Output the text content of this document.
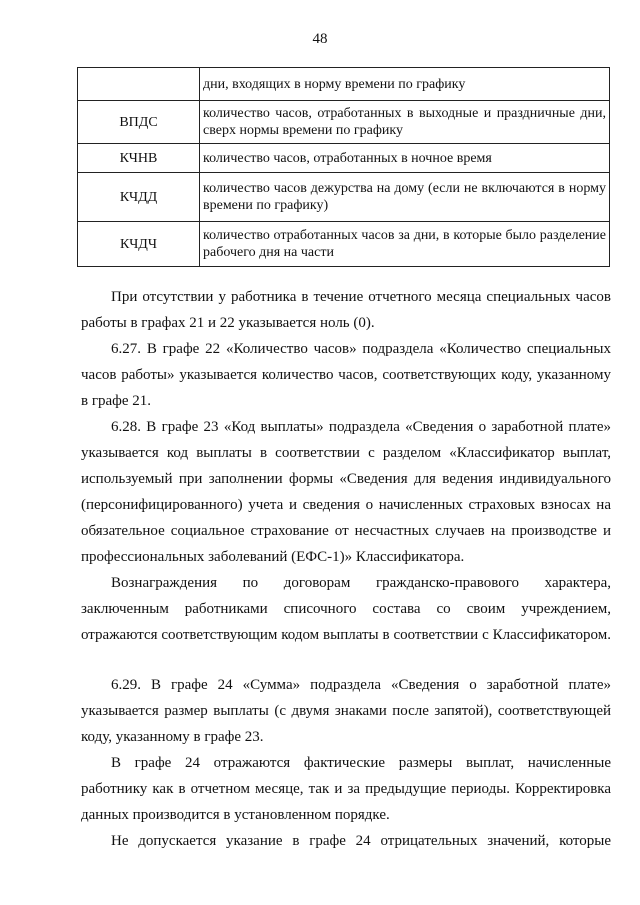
48
	дни, входящих в норму времени по графику
ВПДС	количество часов, отработанных в выходные и праздничные дни, сверх нормы времени по графику
КЧНВ	количество часов, отработанных в ночное время
КЧДД	количество часов дежурства на дому (если не включаются в норму времени по графику)
КЧДЧ	количество отработанных часов за дни, в которые было разделение рабочего дня на части

При отсутствии у работника в течение отчетного месяца специальных часов работы в графах 21 и 22 указывается ноль (0).

6.27. В графе 22 «Количество часов» подраздела «Количество специальных часов работы» указывается количество часов, соответствующих коду, указанному в графе 21.

6.28. В графе 23 «Код выплаты» подраздела «Сведения о заработной плате» указывается код выплаты в соответствии с разделом «Классификатор выплат, используемый при заполнении формы «Сведения для ведения индивидуального (персонифицированного) учета и сведения о начисленных страховых взносах на обязательное социальное страхование от несчастных случаев на производстве и профессиональных заболеваний (ЕФС-1)» Классификатора.

Вознаграждения по договорам гражданско-правового характера, заключенным работниками списочного состава со своим учреждением, отражаются соответствующим кодом выплаты в соответствии с Классификатором.

6.29. В графе 24 «Сумма» подраздела «Сведения о заработной плате» указывается размер выплаты (с двумя знаками после запятой), соответствующей коду, указанному в графе 23.

В графе 24 отражаются фактические размеры выплат, начисленные работнику как в отчетном месяце, так и за предыдущие периоды. Корректировка данных производится в установленном порядке.

Не допускается указание в графе 24 отрицательных значений, которые
